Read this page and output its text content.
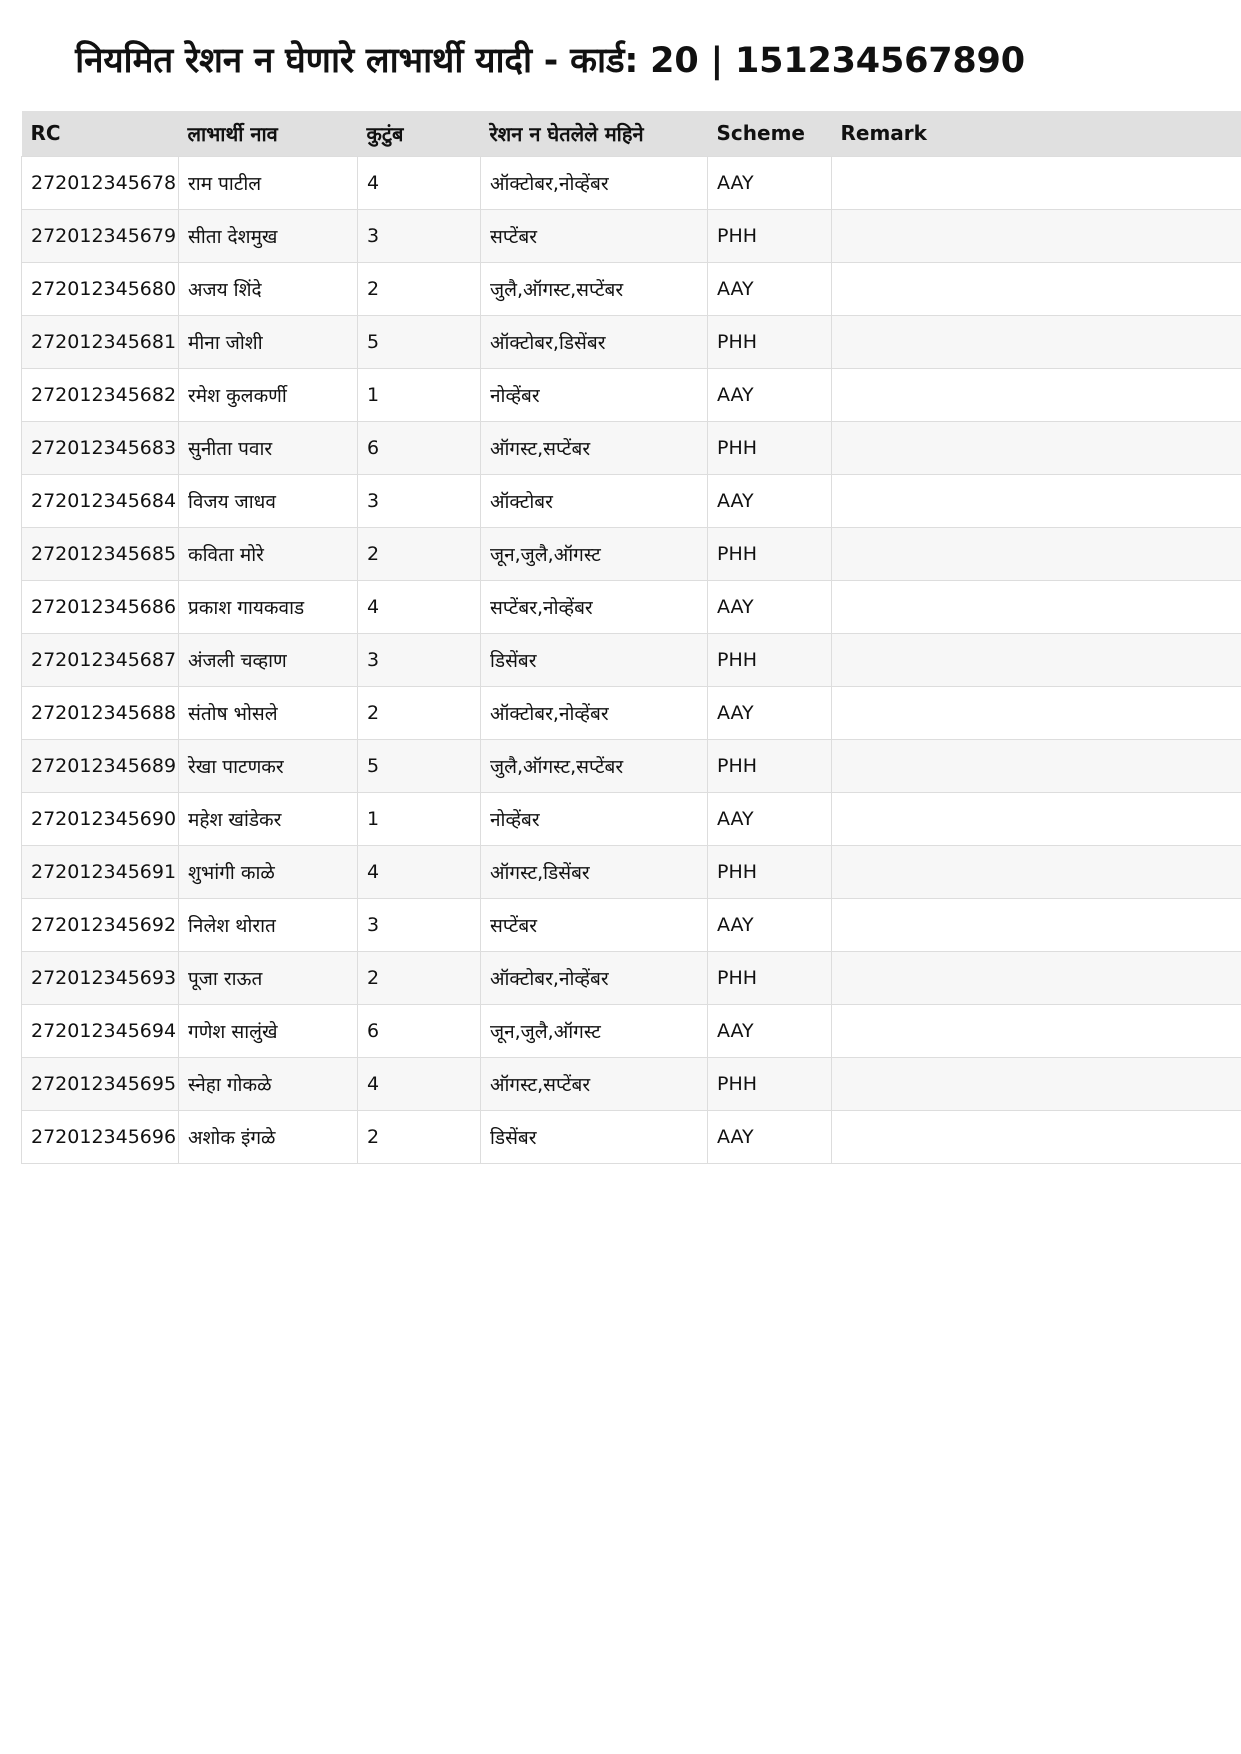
नियमित रेशन न घेणारे लाभार्थी यादी - कार्ड: 20 | 151234567890
RC	लाभार्थी नाव	कुटुंब	रेशन न घेतलेले महिने	Scheme	Remark
272012345678	राम पाटील	4	ऑक्टोबर,नोव्हेंबर	AAY	
272012345679	सीता देशमुख	3	सप्टेंबर	PHH	
272012345680	अजय शिंदे	2	जुलै,ऑगस्ट,सप्टेंबर	AAY	
272012345681	मीना जोशी	5	ऑक्टोबर,डिसेंबर	PHH	
272012345682	रमेश कुलकर्णी	1	नोव्हेंबर	AAY	
272012345683	सुनीता पवार	6	ऑगस्ट,सप्टेंबर	PHH	
272012345684	विजय जाधव	3	ऑक्टोबर	AAY	
272012345685	कविता मोरे	2	जून,जुलै,ऑगस्ट	PHH	
272012345686	प्रकाश गायकवाड	4	सप्टेंबर,नोव्हेंबर	AAY	
272012345687	अंजली चव्हाण	3	डिसेंबर	PHH	
272012345688	संतोष भोसले	2	ऑक्टोबर,नोव्हेंबर	AAY	
272012345689	रेखा पाटणकर	5	जुलै,ऑगस्ट,सप्टेंबर	PHH	
272012345690	महेश खांडेकर	1	नोव्हेंबर	AAY	
272012345691	शुभांगी काळे	4	ऑगस्ट,डिसेंबर	PHH	
272012345692	निलेश थोरात	3	सप्टेंबर	AAY	
272012345693	पूजा राऊत	2	ऑक्टोबर,नोव्हेंबर	PHH	
272012345694	गणेश सालुंखे	6	जून,जुलै,ऑगस्ट	AAY	
272012345695	स्नेहा गोकळे	4	ऑगस्ट,सप्टेंबर	PHH	
272012345696	अशोक इंगळे	2	डिसेंबर	AAY	
